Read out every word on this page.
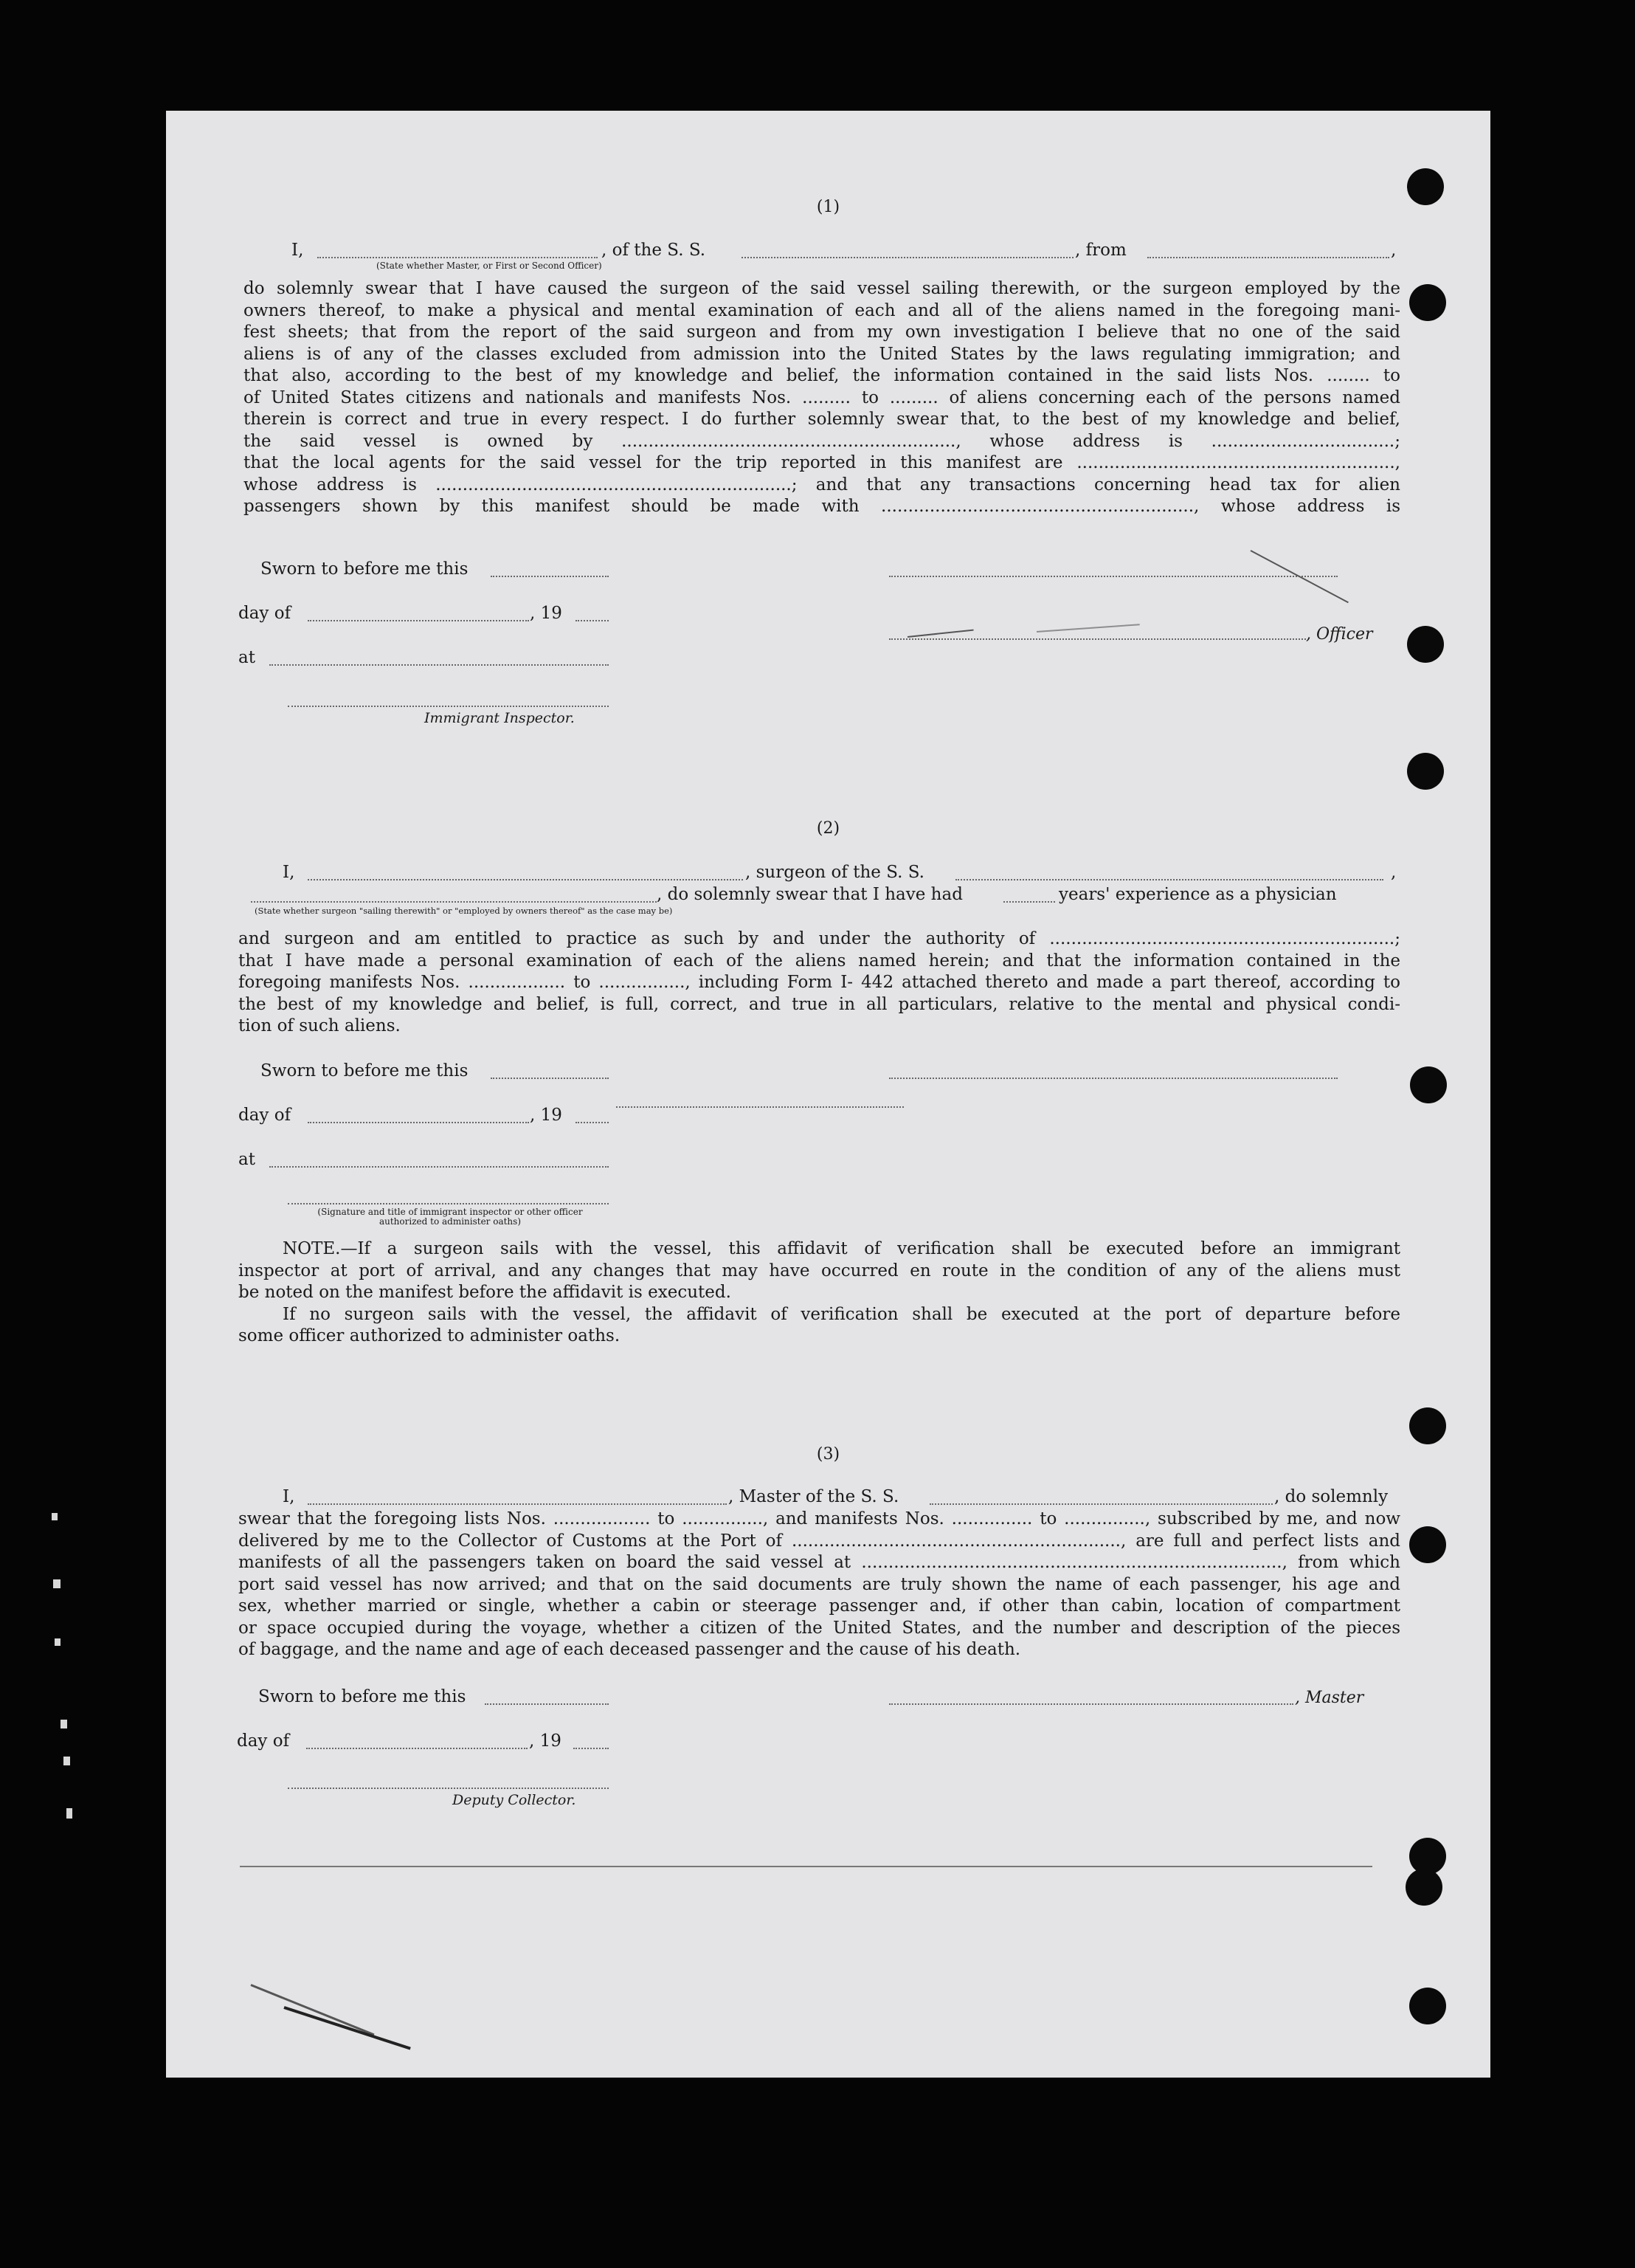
(1)
I,	, of the S. S.	, from	,
(State whether Master, or First or Second Officer)
do solemnly swear that I have caused the surgeon of the said vessel sailing therewith, or the surgeon employed by the
owners thereof, to make a physical and mental examination of each and all of the aliens named in the foregoing mani-
fest sheets; that from the report of the said surgeon and from my own investigation I believe that no one of the said
aliens is of any of the classes excluded from admission into the United States by the laws regulating immigration; and
that also, according to the best of my knowledge and belief, the information contained in the said lists Nos. ........ to
of United States citizens and nationals and manifests Nos. ......... to ......... of aliens concerning each of the persons named
therein is correct and true in every respect. I do further solemnly swear that, to the best of my knowledge and belief,
the said vessel is owned by .............................................................., whose address is ..................................;
that the local agents for the said vessel for the trip reported in this manifest are ...........................................................,
whose address is ..................................................................; and that any transactions concerning head tax for alien
passengers shown by this manifest should be made with .........................................................., whose address is
Sworn to before me this
day of	, 19
at
Immigrant Inspector.
, Officer
(2)
I,	, surgeon of the S. S.	,
, do solemnly swear that I have had	years' experience as a physician
(State whether surgeon "sailing therewith" or "employed by owners thereof" as the case may be)
and surgeon and am entitled to practice as such by and under the authority of ................................................................;
that I have made a personal examination of each of the aliens named herein; and that the information contained in the
foregoing manifests Nos. .................. to ................, including Form I- 442 attached thereto and made a part thereof, according to
the best of my knowledge and belief, is full, correct, and true in all particulars, relative to the mental and physical condi-
tion of such aliens.
Sworn to before me this
day of	, 19
at
(Signature and title of immigrant inspector or other officer authorized to administer oaths)
NOTE.—If a surgeon sails with the vessel, this affidavit of verification shall be executed before an immigrant
inspector at port of arrival, and any changes that may have occurred en route in the condition of any of the aliens must
be noted on the manifest before the affidavit is executed.
If no surgeon sails with the vessel, the affidavit of verification shall be executed at the port of departure before
some officer authorized to administer oaths.
(3)
I,	, Master of the S. S.	, do solemnly
swear that the foregoing lists Nos. .................. to ..............., and manifests Nos. ............... to ..............., subscribed by me, and now
delivered by me to the Collector of Customs at the Port of ............................................................., are full and perfect lists and
manifests of all the passengers taken on board the said vessel at .............................................................................., from which
port said vessel has now arrived; and that on the said documents are truly shown the name of each passenger, his age and
sex, whether married or single, whether a cabin or steerage passenger and, if other than cabin, location of compartment
or space occupied during the voyage, whether a citizen of the United States, and the number and description of the pieces
of baggage, and the name and age of each deceased passenger and the cause of his death.
Sworn to before me this
day of	, 19
Deputy Collector.
, Master
